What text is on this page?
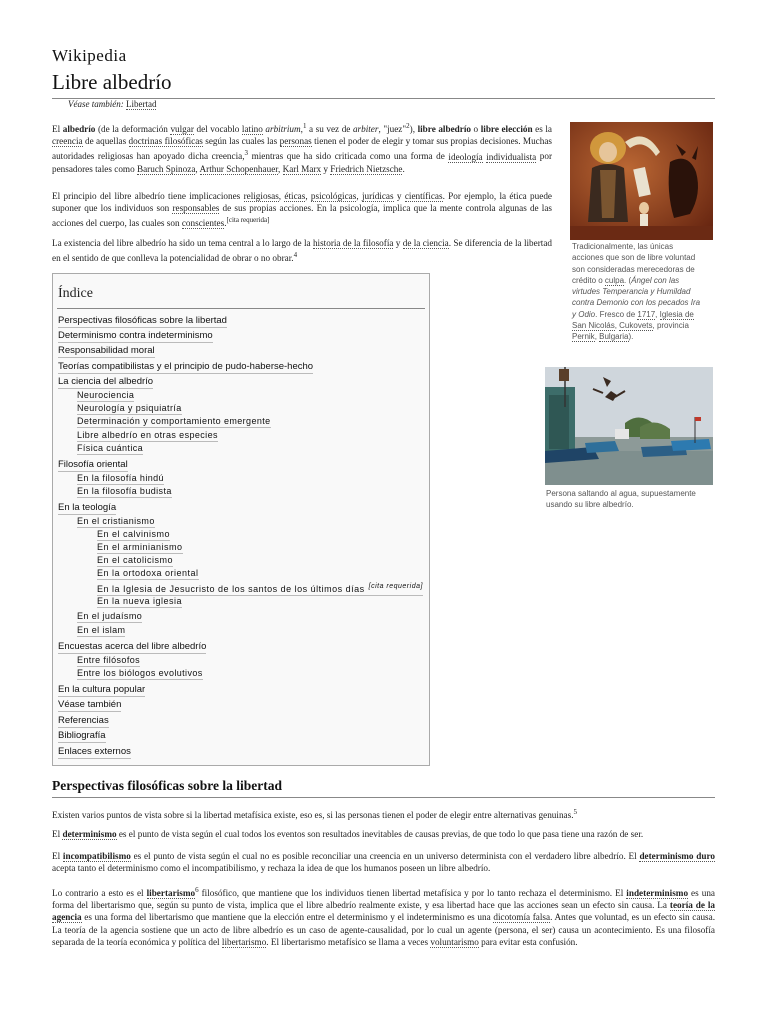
Wikipedia
Libre albedrío
Véase también: Libertad
El albedrío (de la deformación vulgar del vocablo latino arbitrium,$^1$ a su vez de arbiter, "juez"$^2$), libre albedrío o libre elección es la creencia de aquellas doctrinas filosóficas según las cuales las personas tienen el poder de elegir y tomar sus propias decisiones. Muchas autoridades religiosas han apoyado dicha creencia,$^3$ mientras que ha sido criticada como una forma de ideología individualista por pensadores tales como Baruch Spinoza, Arthur Schopenhauer, Karl Marx y Friedrich Nietzsche.
El principio del libre albedrío tiene implicaciones religiosas, éticas, psicológicas, jurídicas y científicas. Por ejemplo, la ética puede suponer que los individuos son responsables de sus propias acciones. En la psicología, implica que la mente controla algunas de las acciones del cuerpo, las cuales son conscientes.[cita requerida]
La existencia del libre albedrío ha sido un tema central a lo largo de la historia de la filosofía y de la ciencia. Se diferencia de la libertad en el sentido de que conlleva la potencialidad de obrar o no obrar.$^4$
Tradicionalmente, las únicas acciones que son de libre voluntad son consideradas merecedoras de crédito o culpa. (Ángel con las virtudes Temperancia y Humildad contra Demonio con los pecados Ira y Odio. Fresco de 1717, Iglesia de San Nicolás, Cukovets, provincia Pernik, Bulgaria).
Persona saltando al agua, supuestamente usando su libre albedrío.
Índice
Perspectivas filosóficas sobre la libertad
Determinismo contra indeterminismo
Responsabilidad moral
Teorías compatibilistas y el principio de pudo-haberse-hecho
La ciencia del albedrío
Neurociencia
Neurología y psiquiatría
Determinación y comportamiento emergente
Libre albedrío en otras especies
Física cuántica
Filosofía oriental
En la filosofía hindú
En la filosofía budista
En la teología
En el cristianismo
En el calvinismo
En el arminianismo
En el catolicismo
En la ortodoxa oriental
En la Iglesia de Jesucristo de los santos de los últimos días [cita requerida]
En la nueva iglesia
En el judaísmo
En el islam
Encuestas acerca del libre albedrío
Entre filósofos
Entre los biólogos evolutivos
En la cultura popular
Véase también
Referencias
Bibliografía
Enlaces externos
Perspectivas filosóficas sobre la libertad
Existen varios puntos de vista sobre si la libertad metafísica existe, eso es, si las personas tienen el poder de elegir entre alternativas genuinas.$^5$
El determinismo es el punto de vista según el cual todos los eventos son resultados inevitables de causas previas, de que todo lo que pasa tiene una razón de ser.
El incompatibilismo es el punto de vista según el cual no es posible reconciliar una creencia en un universo determinista con el verdadero libre albedrío. El determinismo duro acepta tanto el determinismo como el incompatibilismo, y rechaza la idea de que los humanos poseen un libre albedrío.
Lo contrario a esto es el libertarismo$^6$ filosófico, que mantiene que los individuos tienen libertad metafísica y por lo tanto rechaza el determinismo. El indeterminismo es una forma del libertarismo que, según su punto de vista, implica que el libre albedrío realmente existe, y esa libertad hace que las acciones sean un efecto sin causa. La teoría de la agencia es una forma del libertarismo que mantiene que la elección entre el determinismo y el indeterminismo es una dicotomía falsa. Antes que voluntad, es un efecto sin causa. La teoría de la agencia sostiene que un acto de libre albedrío es un caso de agente-causalidad, por lo cual un agente (persona, el ser) causa un acontecimiento. Es una filosofía separada de la teoría económica y política del libertarismo. El libertarismo metafísico se llama a veces voluntarismo para evitar esta confusión.
